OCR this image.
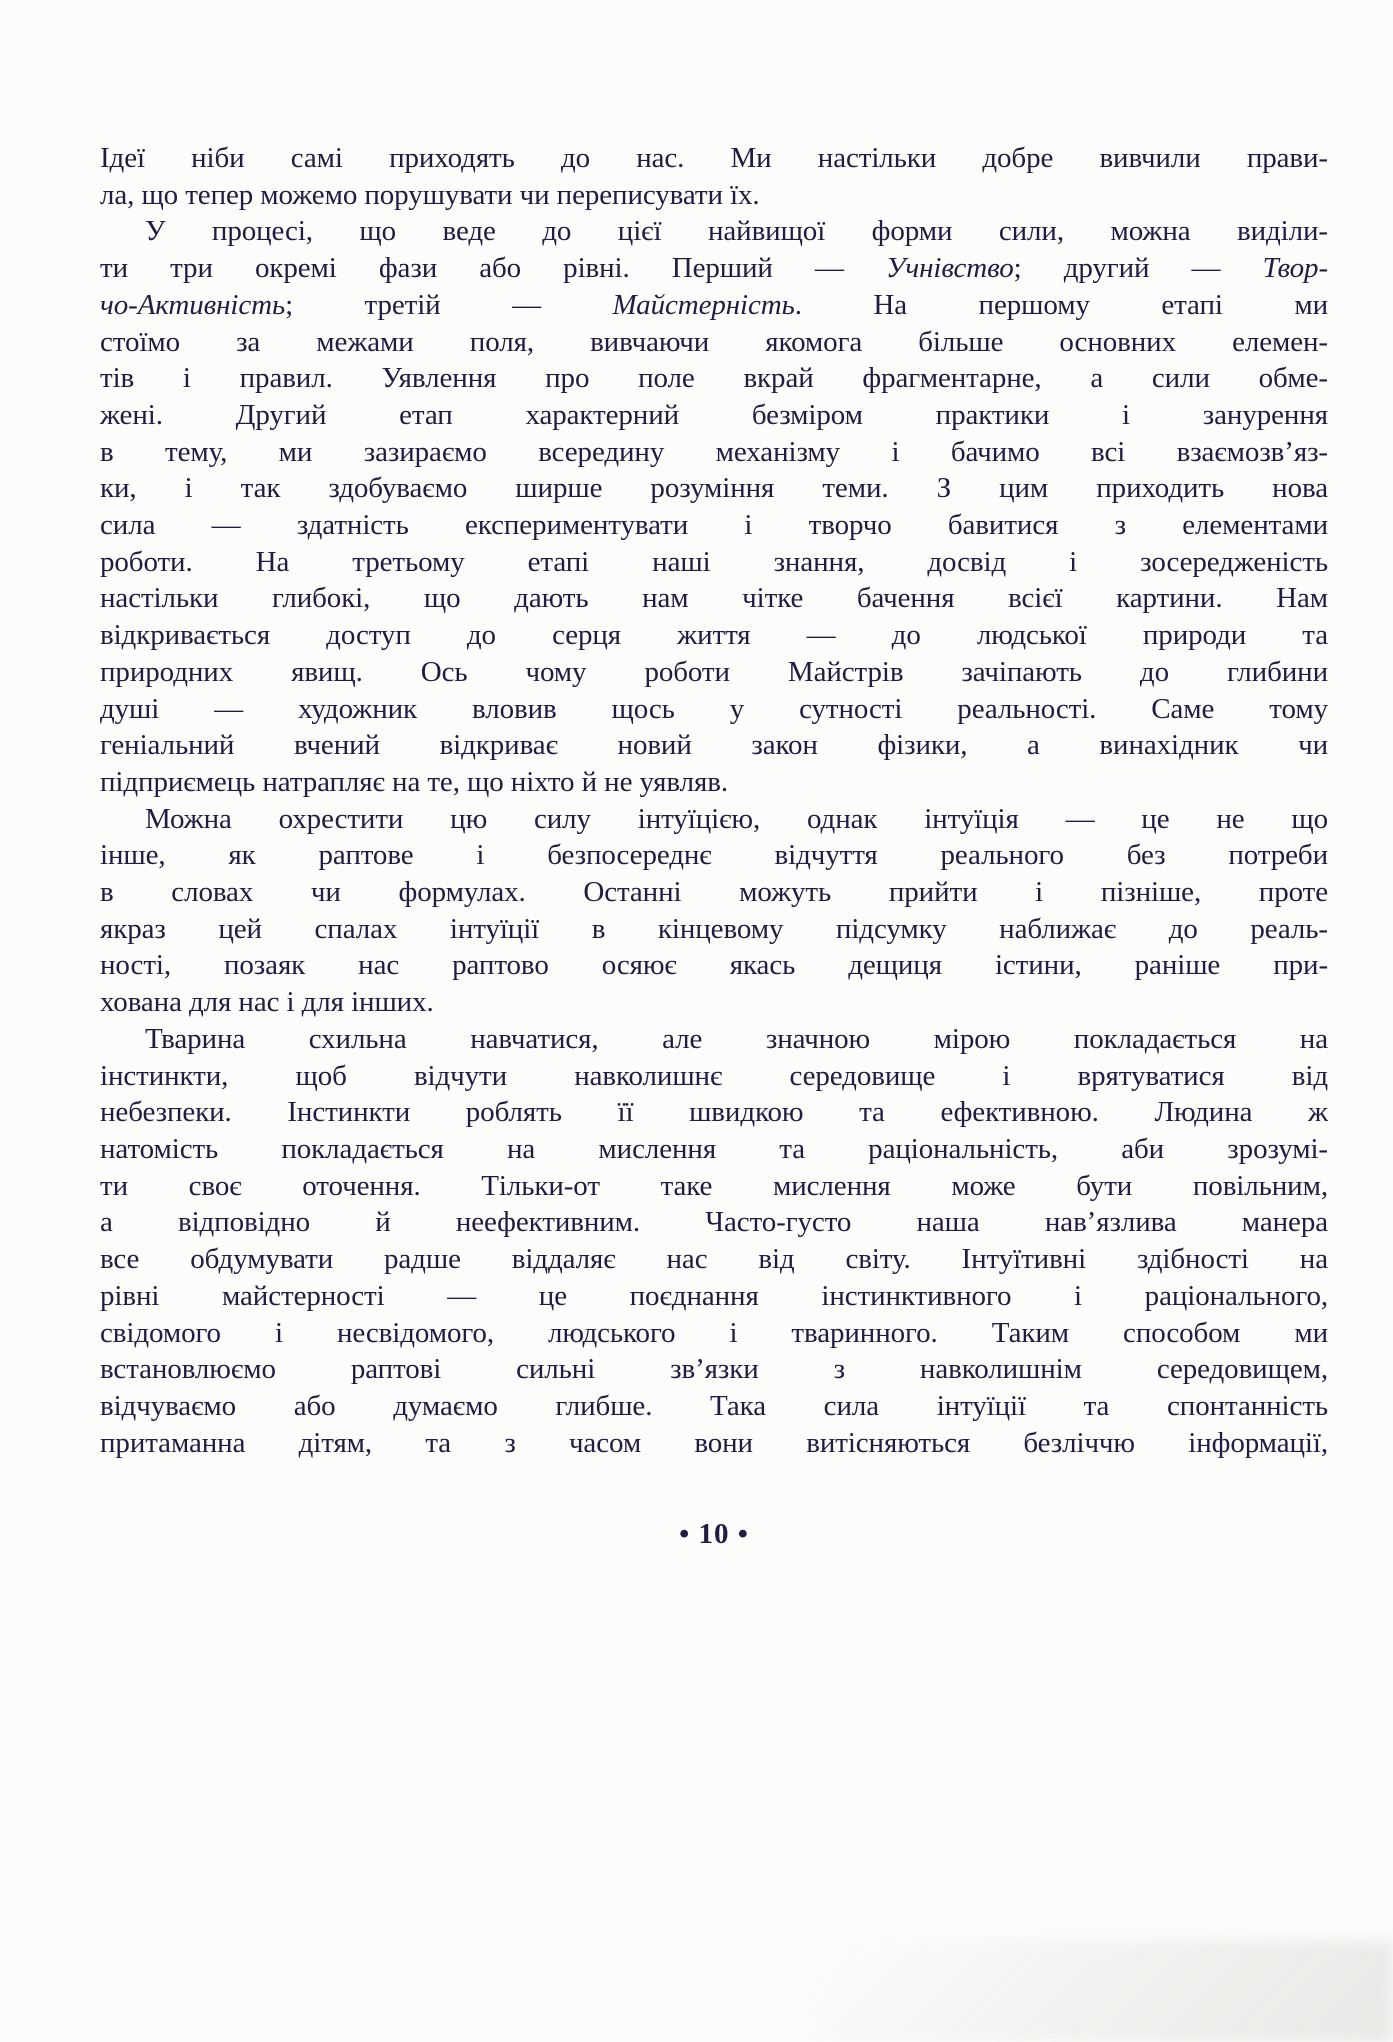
Ідеї ніби самі приходять до нас. Ми настільки добре вивчили прави-
ла, що тепер можемо порушувати чи переписувати їх.
У процесі, що веде до цієї найвищої форми сили, можна виділи-
ти три окремі фази або рівні. Перший — Учнівство; другий — Твор-
чо-Активність; третій — Майстерність. На першому етапі ми
стоїмо за межами поля, вивчаючи якомога більше основних елемен-
тів і правил. Уявлення про поле вкрай фрагментарне, а сили обме-
жені. Другий етап характерний безміром практики і занурення
в тему, ми зазираємо всередину механізму і бачимо всі взаємозв’яз-
ки, і так здобуваємо ширше розуміння теми. З цим приходить нова
сила — здатність експериментувати і творчо бавитися з елементами
роботи. На третьому етапі наші знання, досвід і зосередженість
настільки глибокі, що дають нам чітке бачення всієї картини. Нам
відкривається доступ до серця життя — до людської природи та
природних явищ. Ось чому роботи Майстрів зачіпають до глибини
душі — художник вловив щось у сутності реальності. Саме тому
геніальний вчений відкриває новий закон фізики, а винахідник чи
підприємець натрапляє на те, що ніхто й не уявляв.
Можна охрестити цю силу інтуїцією, однак інтуїція — це не що
інше, як раптове і безпосереднє відчуття реального без потреби
в словах чи формулах. Останні можуть прийти і пізніше, проте
якраз цей спалах інтуїції в кінцевому підсумку наближає до реаль-
ності, позаяк нас раптово осяює якась дещиця істини, раніше при-
хована для нас і для інших.
Тварина схильна навчатися, але значною мірою покладається на
інстинкти, щоб відчути навколишнє середовище і врятуватися від
небезпеки. Інстинкти роблять її швидкою та ефективною. Людина ж
натомість покладається на мислення та раціональність, аби зрозумі-
ти своє оточення. Тільки-от таке мислення може бути повільним,
а відповідно й неефективним. Часто-густо наша нав’язлива манера
все обдумувати радше віддаляє нас від світу. Інтуїтивні здібності на
рівні майстерності — це поєднання інстинктивного і раціонального,
свідомого і несвідомого, людського і тваринного. Таким способом ми
встановлюємо раптові сильні зв’язки з навколишнім середовищем,
відчуваємо або думаємо глибше. Така сила інтуїції та спонтанність
притаманна дітям, та з часом вони витісняються безліччю інформації,
• 10 •
